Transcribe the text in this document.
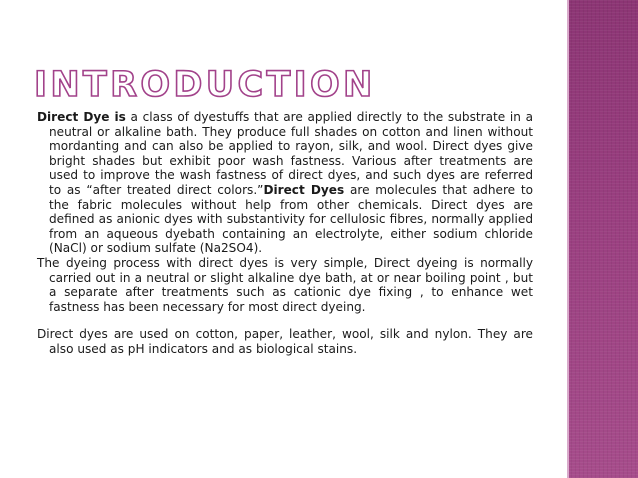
INTRODUCTION

Direct Dye is a class of dyestuffs that are applied directly to the substrate in a neutral or alkaline bath. They produce full shades on cotton and linen without mordanting and can also be applied to rayon, silk, and wool. Direct dyes give bright shades but exhibit poor wash fastness. Various after treatments are used to improve the wash fastness of direct dyes, and such dyes are referred to as “after treated direct colors.”Direct Dyes are molecules that adhere to the fabric molecules without help from other chemicals. Direct dyes are defined as anionic dyes with substantivity for cellulosic fibres, normally applied from an aqueous dyebath containing an electrolyte, either sodium chloride (NaCl) or sodium sulfate (Na2SO4).

The dyeing process with direct dyes is very simple, Direct dyeing is normally carried out in a neutral or slight alkaline dye bath, at or near boiling point , but a separate after treatments such as cationic dye fixing , to enhance wet fastness has been necessary for most direct dyeing.

Direct dyes are used on cotton, paper, leather, wool, silk and nylon. They are also used as pH indicators and as biological stains.
